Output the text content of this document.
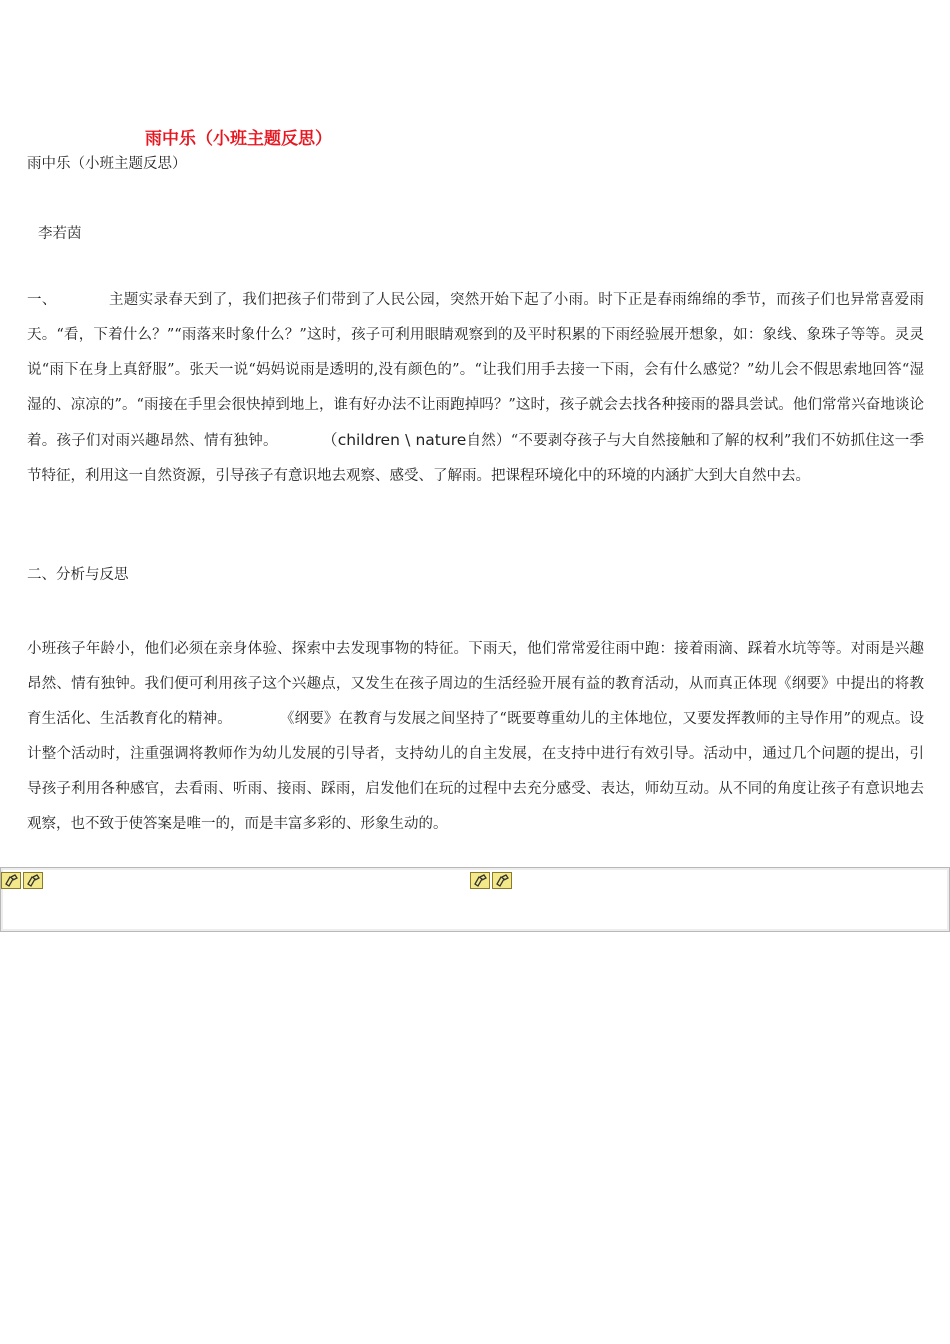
雨中乐（小班主题反思）
雨中乐（小班主题反思）
李若茵

一、	主题实录春天到了，我们把孩子们带到了人民公园，突然开始下起了小雨。时下正是春雨绵绵的季节，而孩子们也异常喜爱雨天。“看，下着什么？”“雨落来时象什么？”这时，孩子可利用眼睛观察到的及平时积累的下雨经验展开想象，如：象线、象珠子等等。灵灵说“雨下在身上真舒服”。张天一说“妈妈说雨是透明的,没有颜色的”。“让我们用手去接一下雨，会有什么感觉？”幼儿会不假思索地回答“湿湿的、凉凉的”。“雨接在手里会很快掉到地上，谁有好办法不让雨跑掉吗？”这时，孩子就会去找各种接雨的器具尝试。他们常常兴奋地谈论着。孩子们对雨兴趣昂然、情有独钟。	（children \ nature自然）“不要剥夺孩子与大自然接触和了解的权利”我们不妨抓住这一季节特征，利用这一自然资源，引导孩子有意识地去观察、感受、了解雨。把课程环境化中的环境的内涵扩大到大自然中去。

二、分析与反思

小班孩子年龄小，他们必须在亲身体验、探索中去发现事物的特征。下雨天，他们常常爱往雨中跑：接着雨滴、踩着水坑等等。对雨是兴趣昂然、情有独钟。我们便可利用孩子这个兴趣点，又发生在孩子周边的生活经验开展有益的教育活动，从而真正体现《纲要》中提出的将教育生活化、生活教育化的精神。	《纲要》在教育与发展之间坚持了“既要尊重幼儿的主体地位，又要发挥教师的主导作用”的观点。设计整个活动时，注重强调将教师作为幼儿发展的引导者，支持幼儿的自主发展，在支持中进行有效引导。活动中，通过几个问题的提出，引导孩子利用各种感官，去看雨、听雨、接雨、踩雨，启发他们在玩的过程中去充分感受、表达，师幼互动。从不同的角度让孩子有意识地去观察，也不致于使答案是唯一的，而是丰富多彩的、形象生动的。
